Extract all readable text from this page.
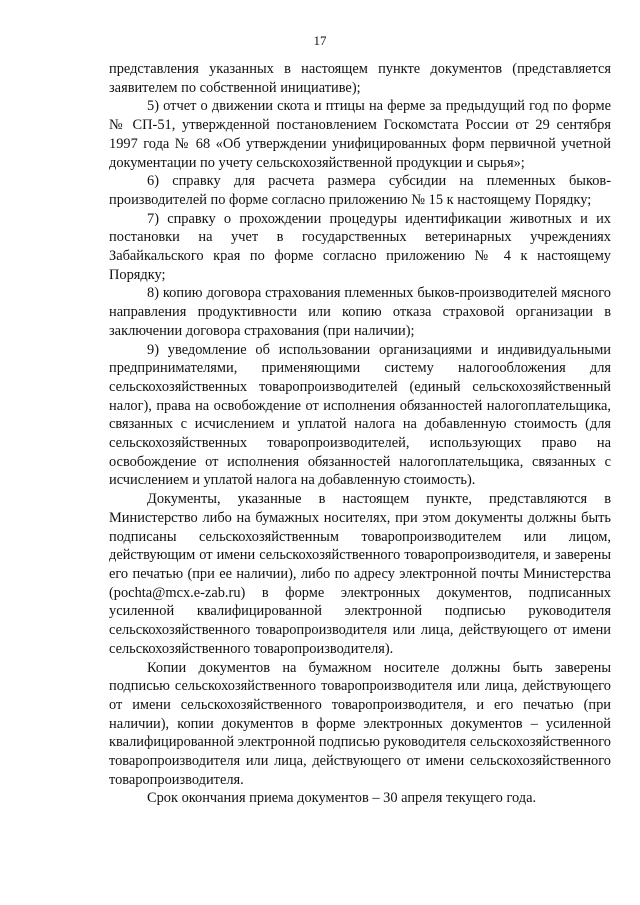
17

представления указанных в настоящем пункте документов (представляется заявителем по собственной инициативе);

5) отчет о движении скота и птицы на ферме за предыдущий год по форме № СП-51, утвержденной постановлением Госкомстата России от 29 сентября 1997 года № 68 «Об утверждении унифицированных форм первичной учетной документации по учету сельскохозяйственной продукции и сырья»;

6) справку для расчета размера субсидии на племенных быков-производителей по форме согласно приложению № 15 к настоящему Порядку;

7) справку о прохождении процедуры идентификации животных и их постановки на учет в государственных ветеринарных учреждениях Забайкальского края по форме согласно приложению № 4 к настоящему Порядку;

8) копию договора страхования племенных быков-производителей мясного направления продуктивности или копию отказа страховой организации в заключении договора страхования (при наличии);

9) уведомление об использовании организациями и индивидуальными предпринимателями, применяющими систему налогообложения для сельскохозяйственных товаропроизводителей (единый сельскохозяйственный налог), права на освобождение от исполнения обязанностей налогоплательщика, связанных с исчислением и уплатой налога на добавленную стоимость (для сельскохозяйственных товаропроизводителей, использующих право на освобождение от исполнения обязанностей налогоплательщика, связанных с исчислением и уплатой налога на добавленную стоимость).

Документы, указанные в настоящем пункте, представляются в Министерство либо на бумажных носителях, при этом документы должны быть подписаны сельскохозяйственным товаропроизводителем или лицом, действующим от имени сельскохозяйственного товаропроизводителя, и заверены его печатью (при ее наличии), либо по адресу электронной почты Министерства (pochta@mcx.e-zab.ru) в форме электронных документов, подписанных усиленной квалифицированной электронной подписью руководителя сельскохозяйственного товаропроизводителя или лица, действующего от имени сельскохозяйственного товаропроизводителя).

Копии документов на бумажном носителе должны быть заверены подписью сельскохозяйственного товаропроизводителя или лица, действующего от имени сельскохозяйственного товаропроизводителя, и его печатью (при наличии), копии документов в форме электронных документов – усиленной квалифицированной электронной подписью руководителя сельскохозяйственного товаропроизводителя или лица, действующего от имени сельскохозяйственного товаропроизводителя.

Срок окончания приема документов – 30 апреля текущего года.
